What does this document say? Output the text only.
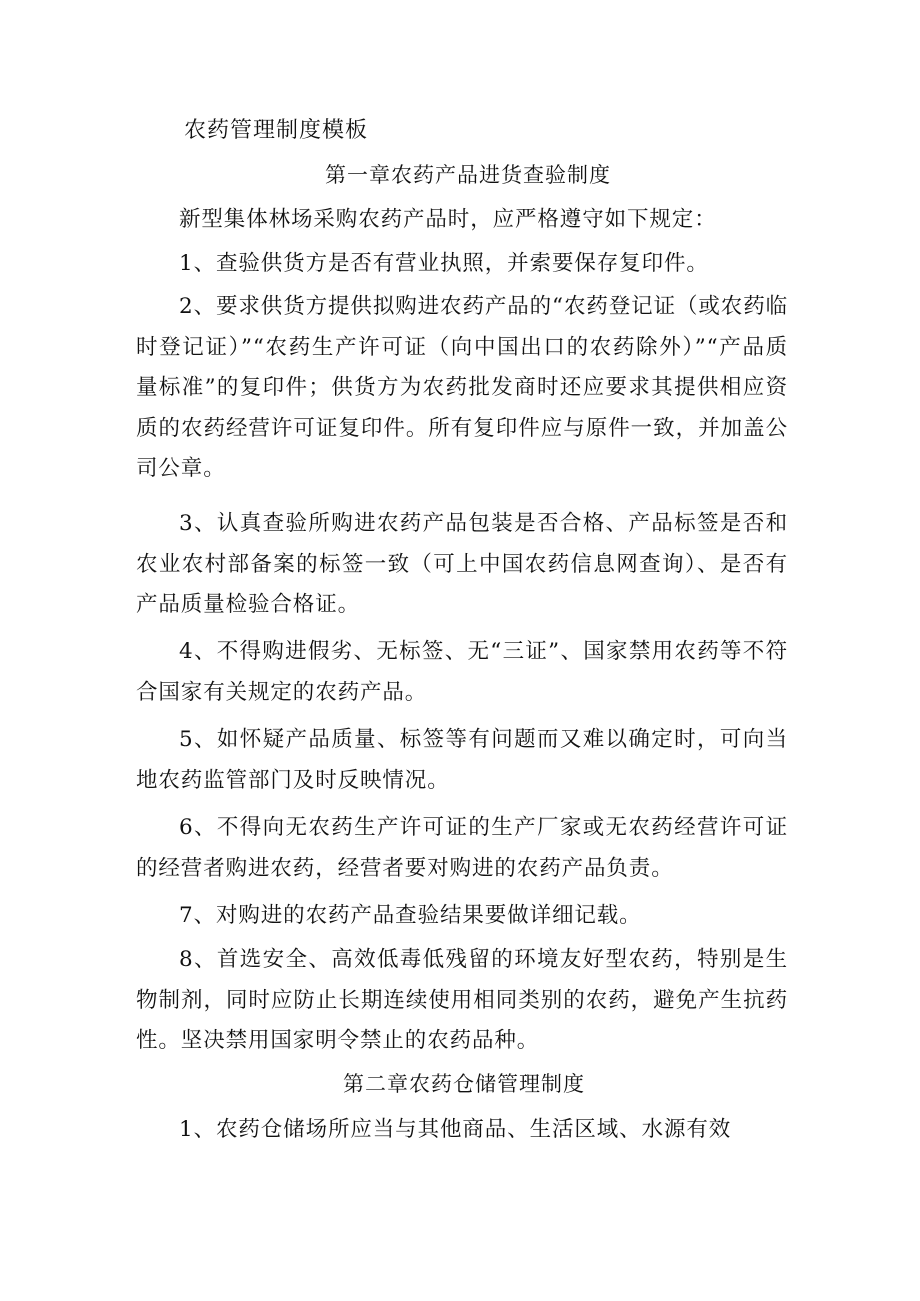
农药管理制度模板
第一章农药产品进货查验制度

新型集体林场采购农药产品时，应严格遵守如下规定：

1、查验供货方是否有营业执照，并索要保存复印件。

2、要求供货方提供拟购进农药产品的“农药登记证（或农药临时登记证）”“农药生产许可证（向中国出口的农药除外）”“产品质量标准”的复印件；供货方为农药批发商时还应要求其提供相应资质的农药经营许可证复印件。所有复印件应与原件一致，并加盖公司公章。

3、认真查验所购进农药产品包装是否合格、产品标签是否和农业农村部备案的标签一致（可上中国农药信息网查询）、是否有产品质量检验合格证。

4、不得购进假劣、无标签、无“三证”、国家禁用农药等不符合国家有关规定的农药产品。

5、如怀疑产品质量、标签等有问题而又难以确定时，可向当地农药监管部门及时反映情况。

6、不得向无农药生产许可证的生产厂家或无农药经营许可证的经营者购进农药，经营者要对购进的农药产品负责。

7、对购进的农药产品查验结果要做详细记载。

8、首选安全、高效低毒低残留的环境友好型农药，特别是生物制剂，同时应防止长期连续使用相同类别的农药，避免产生抗药性。坚决禁用国家明令禁止的农药品种。

第二章农药仓储管理制度

1、农药仓储场所应当与其他商品、生活区域、水源有效
